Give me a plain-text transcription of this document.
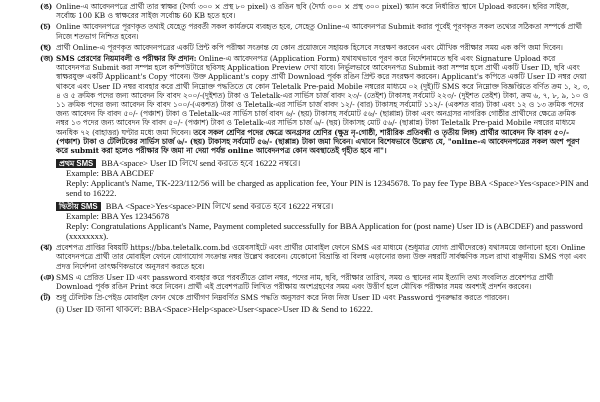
(ঙ) Online-এ আবেদনপত্রে প্রার্থী তার স্বাক্ষর (দৈর্ঘ্য ৩০০ × প্রস্থ ৮০ pixel) ও রঙিন ছবি (দৈর্ঘ্য ৩০০ × প্রস্থ ৩০০ pixel) স্ক্যান করে নির্ধারিত স্থানে Upload করবেন। ছবির সাইজ, সর্বোচ্চ 100 KB ও স্বাক্ষরের সাইজ সর্বোচ্চ 60 KB হতে হবে।
(চ) Online আবেদনপত্রে পূরণকৃত তথ্যই যেহেতু পরবর্তী সকল কার্যক্রমে ব্যবহৃত হবে, সেহেতু Online-এ আবেদনপত্র Submit করার পূর্বেই পূরণকৃত সকল তথ্যের সঠিকতা সম্পর্কে প্রার্থী নিজে শতভাগ নিশ্চিত হবেন।
(ছ) প্রার্থী Online-এ পূরণকৃত আবেদনপত্রের একটি প্রিন্ট কপি পরীক্ষা সংক্রান্ত যে কোন প্রয়োজনে সহায়ক হিসেবে সংরক্ষণ করবেন এবং মৌখিক পরীক্ষার সময় এক কপি জমা দিবেন।
(জ) SMS প্রেরণের নিয়মাবলী ও পরীক্ষার ফি প্রদান: Online-এ আবেদনপত্র (Application Form) যথাযথভাবে পূরণ করে নির্দেশনামতে ছবি এবং Signature Upload করে আবেদনপত্র Submit করা সম্পন্ন হলে কম্পিউটারে ছবিসহ Application Preview দেখা যাবে। নির্ভুলভাবে আবেদনপত্র Submit করা সম্পন্ন হলে প্রার্থী একটি User ID, ছবি এবং স্বাক্ষরযুক্ত একটি Applicant's Copy পাবেন। উক্ত Applicant's copy প্রার্থী Download পূর্বক রঙিন প্রিন্ট করে সংরক্ষণ করবেন। Applicant's কপিতে একটি User ID নম্বর দেয়া থাকবে এবং User ID নম্বর ব্যবহার করে প্রার্থী নিম্নোক্ত পদ্ধতিতে যে কোন Teletalk Pre-paid Mobile নম্বরের মাধ্যমে ০২ (দুই)টি SMS করে নিম্নোক্ত বিজ্ঞপ্তিতে বর্ণিত ক্রম ১, ২, ৩, ৪ ও ৫ ক্রমিক পদের জন্য আবেদন ফি বাবদ ২০০/-(দুইশত) টাকা ও Teletalk-এর সার্ভিস চার্জ বাবদ ২৩/- (তেইশ) টাকাসহ সর্বমোট ২২৩/- (দুইশত তেইশ) টাকা, ক্রম ৬, ৭, ৮, ৯, ১০ ও ১১ ক্রমিক পদের জন্য আবেদন ফি বাবদ ১০০/-(একশত) টাকা ও Teletalk-এর সার্ভিস চার্জ বাবদ ১২/- (বার) টাকাসহ সর্বমোট ১১২/- (একশত বার) টাকা এবং ১২ ও ১৩ ক্রমিক পদের জন্য আবেদন ফি বাবদ ৫০/- (পঞ্চাশ) টাকা ও Teletalk-এর সার্ভিস চার্জ বাবদ ৬/- (ছয়) টাকাসহ সর্বমোট ৫৬/- (ছাপ্পান্ন) টাকা এবং অনগ্রসর নাগরিক গোষ্ঠীর প্রার্থীদের ক্ষেত্রে ক্রমিক নম্বর ১৩ পদের জন্য আবেদন ফি বাবদ ৫০/- (পঞ্চাশ) টাকা ও Teletalk-এর সার্ভিস চার্জ ৬/- (ছয়) টাকাসহ মোট ৫৬/- (ছাপ্পান্ন) টাকা Teletalk Pre-paid Mobile নম্বরের মাধ্যমে অনধিক ৭২ (বাহাত্তর) ঘণ্টার মধ্যে জমা দিবেন। তবে সকল শ্রেণির পদের ক্ষেত্রে অনগ্রসর শ্রেণির (ক্ষুদ্র নৃ-গোষ্ঠী, শারীরিক প্রতিবন্ধী ও তৃতীয় লিঙ্গ) প্রার্থীর আবেদন ফি বাবদ ৫০/- (পঞ্চাশ) টাকা ও টেলিটকের সার্ভিস চার্জ ৬/- (ছয়) টাকাসহ সর্বমোট ৫৬/- (ছাপ্পান্ন) টাকা জমা দিবেন। এখানে বিশেষভাবে উল্লেখ্য যে, "online-এ আবেদনপত্রের সকল অংশ পূরণ করে submit করা হলেও পরীক্ষার ফি জমা না দেয়া পর্যন্ত online আবেদনপত্র কোন অবস্থাতেই গৃহীত হবে না"।
প্রথম SMS BBA<space> User ID লিখে send করতে হবে 16222 নম্বরে।
Example: BBA ABCDEF
Reply: Applicant's Name, TK-223/112/56 will be charged as application fee, Your PIN is 12345678. To pay fee Type BBA <Space>Yes<space>PIN and send to 16222.
দ্বিতীয় SMS BBA <Space>Yes<space>PIN লিখে send করতে হবে 16222 নম্বরে।
Example: BBA Yes 12345678
Reply: Congratulations Applicant's Name, Payment completed successfully for BBA Application for (post name) User ID is (ABCDEF) and password (xxxxxxxx).
(ঝ) প্রবেশপত্র প্রাপ্তির বিষয়টি https://bba.teletalk.com.bd ওয়েবসাইটে এবং প্রার্থীর মোবাইল ফোনে SMS এর মাধ্যমে (শুধুমাত্র যোগ্য প্রার্থীদেরকে) যথাসময়ে জানানো হবে। Online আবেদনপত্রে প্রার্থী তার মোবাইল ফোনে যোগাযোগ সংক্রান্ত নম্বর উল্লেখ করবেন। যেকোনো বিভ্রান্তি বা বিলম্ব এড়ানোর জন্য উক্ত নম্বরটি সার্বক্ষণিক সচল রাখা বাঞ্ছনীয়। SMS পড়া এবং প্রদত্ত নির্দেশনা তাৎক্ষণিকভাবে অনুসরণ করতে হবে।
(ঞ) SMS এ প্রেরিত User ID এবং password ব্যবহার করে পরবর্তীতে রোল নম্বর, পদের নাম, ছবি, পরীক্ষার তারিখ, সময় ও স্থানের নাম ইত্যাদি তথ্য সংবলিত প্রবেশপত্র প্রার্থী Download পূর্বক রঙিন Print করে নিবেন। প্রার্থী এই প্রবেশপত্রটি লিখিত পরীক্ষায় অংশগ্রহণের সময় এবং উত্তীর্ণ হলে মৌখিক পরীক্ষার সময় অবশ্যই প্রদর্শন করবেন।
(ট) শুধু টেলিটক প্রি-পেইড মোবাইল ফোন থেকে প্রার্থীগণ নিম্নবর্ণিত SMS পদ্ধতি অনুসরণ করে নিজ নিজ User ID এবং Password পুনরুদ্ধার করতে পারবেন।
(i) User ID জানা থাকলে: BBA<Space>Help<space>User<space>User ID & Send to 16222.
